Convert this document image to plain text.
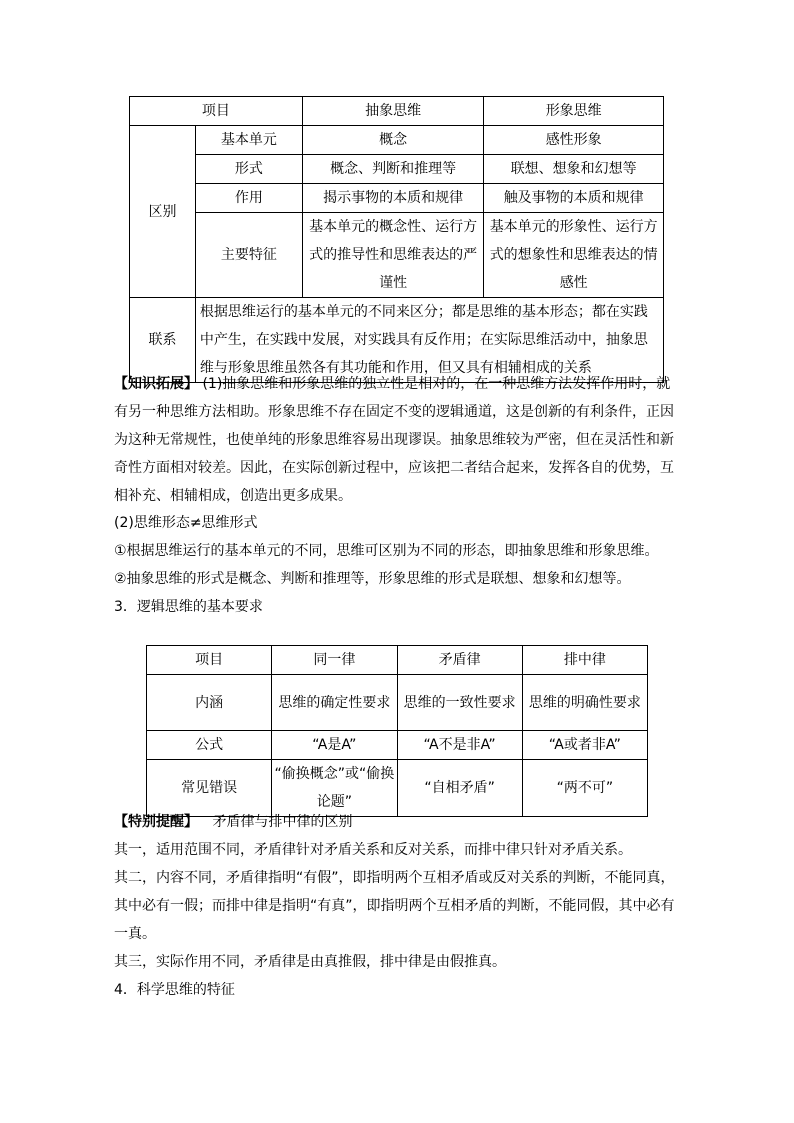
项目		抽象思维	形象思维
区别	基本单元	概念	感性形象
	形式	概念、判断和推理等	联想、想象和幻想等
	作用	揭示事物的本质和规律	触及事物的本质和规律
	主要特征	基本单元的概念性、运行方式的推导性和思维表达的严谨性	基本单元的形象性、运行方式的想象性和思维表达的情感性
联系	根据思维运行的基本单元的不同来区分；都是思维的基本形态；都在实践中产生，在实践中发展，对实践具有反作用；在实际思维活动中，抽象思维与形象思维虽然各有其功能和作用，但又具有相辅相成的关系		
【知识拓展】 (1)抽象思维和形象思维的独立性是相对的，在一种思维方法发挥作用时，就有另一种思维方法相助。形象思维不存在固定不变的逻辑通道，这是创新的有利条件，正因为这种无常规性，也使单纯的形象思维容易出现谬误。抽象思维较为严密，但在灵活性和新奇性方面相对较差。因此，在实际创新过程中，应该把二者结合起来，发挥各自的优势，互相补充、相辅相成，创造出更多成果。

(2)思维形态≠思维形式

①根据思维运行的基本单元的不同，思维可区别为不同的形态，即抽象思维和形象思维。

②抽象思维的形式是概念、判断和推理等，形象思维的形式是联想、想象和幻想等。

3．逻辑思维的基本要求

项目	同一律	矛盾律	排中律
内涵	思维的确定性要求	思维的一致性要求	思维的明确性要求
公式	“A是A”	“A不是非A”	“A或者非A”
常见错误	“偷换概念”或“偷换论题”	“自相矛盾”	“两不可”
【特别提醒】 矛盾律与排中律的区别

其一，适用范围不同，矛盾律针对矛盾关系和反对关系，而排中律只针对矛盾关系。

其二，内容不同，矛盾律指明“有假”，即指明两个互相矛盾或反对关系的判断，不能同真，其中必有一假；而排中律是指明“有真”，即指明两个互相矛盾的判断，不能同假，其中必有一真。

其三，实际作用不同，矛盾律是由真推假，排中律是由假推真。

4．科学思维的特征
